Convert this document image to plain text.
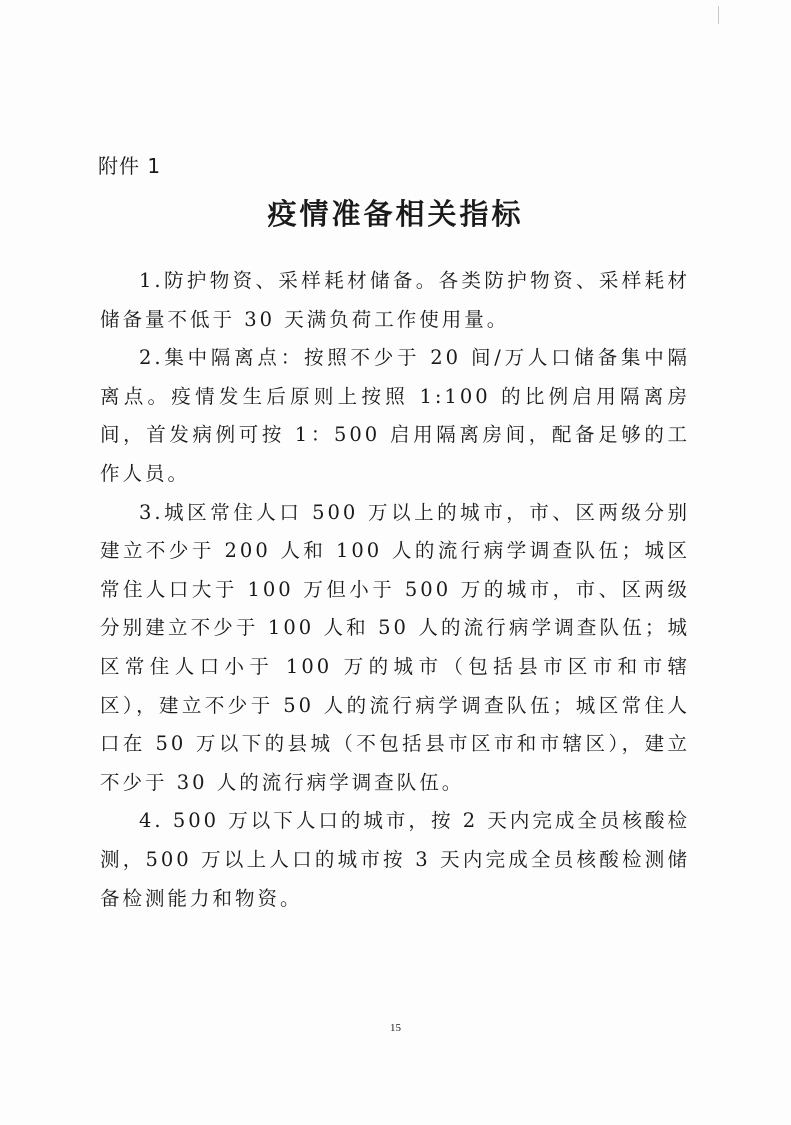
附件 1
疫情准备相关指标

1.防护物资、采样耗材储备。各类防护物资、采样耗材储备量不低于 30 天满负荷工作使用量。

2.集中隔离点：按照不少于 20 间/万人口储备集中隔离点。疫情发生后原则上按照 1:100 的比例启用隔离房间，首发病例可按 1：500 启用隔离房间，配备足够的工作人员。

3.城区常住人口 500 万以上的城市，市、区两级分别建立不少于 200 人和 100 人的流行病学调查队伍；城区常住人口大于 100 万但小于 500 万的城市，市、区两级分别建立不少于 100 人和 50 人的流行病学调查队伍；城区常住人口小于 100 万的城市（包括县市区市和市辖区），建立不少于 50 人的流行病学调查队伍；城区常住人口在 50 万以下的县城（不包括县市区市和市辖区），建立不少于 30 人的流行病学调查队伍。

4. 500 万以下人口的城市，按 2 天内完成全员核酸检测，500 万以上人口的城市按 3 天内完成全员核酸检测储备检测能力和物资。

15
